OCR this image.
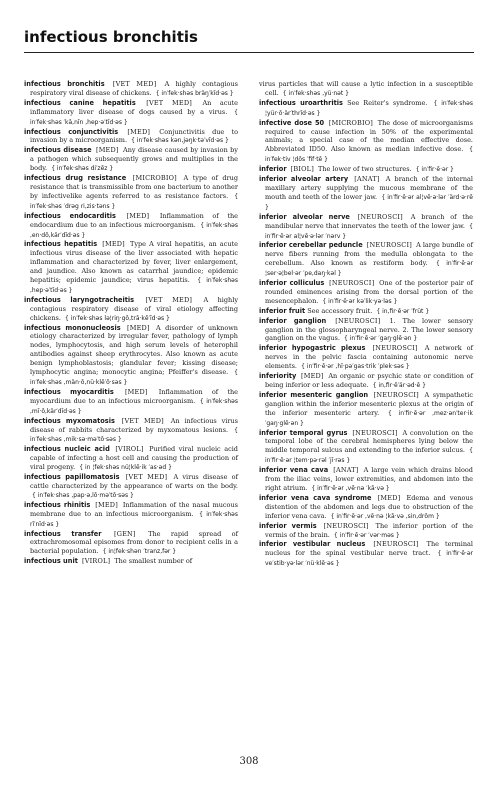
infectious bronchitis

infectious bronchitis [VET MED] A highly contagious respiratory viral disease of chickens. { in′fek·shəs bräŋ′kīd·əs }

infectious canine hepatitis [VET MED] An acute inflammatory liver disease of dogs caused by a virus. { in′fek·shəs ′kā,nīn ,hep·ə′tīd·əs }

infectious conjunctivitis [MED] Conjunctivitis due to invasion by a microorganism. { in′fek·shəs kən,jəŋk·tə′vīd·əs }

infectious disease [MED] Any disease caused by invasion by a pathogen which subsequently grows and multiplies in the body. { in′fek·shəs di′zēz }

infectious drug resistance [MICROBIO] A type of drug resistance that is transmissible from one bacterium to another by infectivelike agents referred to as resistance factors. { in′fek·shəs ′drəg ri,zis·təns }

infectious endocarditis [MED] Inflammation of the endocardium due to an infectious microorganism. { in′fek·shəs ,en·dō,kär′dīd·əs }

infectious hepatitis [MED] Type A viral hepatitis, an acute infectious virus disease of the liver associated with hepatic inflammation and characterized by fever, liver enlargement, and jaundice. Also known as catarrhal jaundice; epidemic hepatitis; epidemic jaundice; virus hepatitis. { in′fek·shəs ,hep·ə′tīd·əs }

infectious laryngotracheitis [VET MED] A highly contagious respiratory disease of viral etiology affecting chickens. { in′fek·shəs lə¦riŋ·gō,trā·kē′īd·əs }

infectious mononucleosis [MED] A disorder of unknown etiology characterized by irregular fever, pathology of lymph nodes, lymphocytosis, and high serum levels of heterophil antibodies against sheep erythrocytes. Also known as acute benign lymphoblastosis; glandular fever; kissing disease; lymphocytic angina; monocytic angina; Pfeiffer's disease. { in′fek·shəs ,män·ō,nü·klē′ō·səs }

infectious myocarditis [MED] Inflammation of the myocardium due to an infectious microorganism. { in′fek·shəs ,mī·ō,kär′dīd·əs }

infectious myxomatosis [VET MED] An infectious virus disease of rabbits characterized by myxomatous lesions. { in′fek·shəs ,mik·sə·mə′tō·səs }

infectious nucleic acid [VIROL] Purified viral nucleic acid capable of infecting a host cell and causing the production of viral progeny. { in ¦fek·shəs nü¦klē·ik ′as·əd }

infectious papillomatosis [VET MED] A virus disease of cattle characterized by the appearance of warts on the body. { in′fek·shəs ,pap·ə,lō·mə′tō·səs }

infectious rhinitis [MED] Inflammation of the nasal mucous membrane due to an infectious microorganism. { in′fek·shəs rī′nīd·əs }

infectious transfer [GEN] The rapid spread of extrachromosomal episomes from donor to recipient cells in a bacterial population. { in¦fek·shən ′tranz,fər }

infectious unit [VIROL] The smallest number of

virus particles that will cause a lytic infection in a susceptible cell. { in′fek·shəs ,yü·nət }

infectious uroarthritis See Reiter's syndrome. { in′fek·shəs ¦yür·ō·är′thrīd·əs }

infective dose 50 [MICROBIO] The dose of microorganisms required to cause infection in 50% of the experimental animals; a special case of the median effective dose. Abbreviated ID50. Also known as median infective dose. { in′fek·tiv ¦dōs ′fif·tē }

inferior [BIOL] The lower of two structures. { in′fir·ē·ər }

inferior alveolar artery [ANAT] A branch of the internal maxillary artery supplying the mucous membrane of the mouth and teeth of the lower jaw. { in′fir·ē·ər al¦vē·ə·lər ′ärd·ə·rē }

inferior alveolar nerve [NEUROSCI] A branch of the mandibular nerve that innervates the teeth of the lower jaw. { in′fir·ē·ər al¦vē·ə·lər ′nərv }

inferior cerebellar peduncle [NEUROSCI] A large bundle of nerve fibers running from the medulla oblongata to the cerebellum. Also known as restiform body. { in′fir·ē·ər ¦ser·ə¦bel·ər ′pe,daŋ·kəl }

inferior colliculus [NEUROSCI] One of the posterior pair of rounded eminences arising from the dorsal portion of the mesencephalon. { in′fir·ē·ər kə′lik·yə·ləs }

inferior fruit See accessory fruit. { in,fir·ē·ər ′früt }

inferior ganglion [NEUROSCI] 1. The lower sensory ganglion in the glossopharyngeal nerve. 2. The lower sensory ganglion on the vagus. { in′fir·ē·ər ′gaŋ·glē·ən }

inferior hypogastric plexus [NEUROSCI] A network of nerves in the pelvic fascia containing autonomic nerve elements. { in′fir·ē·ər ,hī·pə′gas·trik ′plek·səs }

inferiority [MED] An organic or psychic state or condition of being inferior or less adequate. { in,fir·ē′är·əd·ē }

inferior mesenteric ganglion [NEUROSCI] A sympathetic ganglion within the inferior mesenteric plexus at the origin of the inferior mesenteric artery. { in′fir·ē·ər ,mez·ən′ter·ik ′gaŋ·glē·ən }

inferior temporal gyrus [NEUROSCI] A convolution on the temporal lobe of the cerebral hemispheres lying below the middle temporal sulcus and extending to the inferior sulcus. { in′fir·ē·ər ¦tem·pə·rəl ′jī·rəs }

inferior vena cava [ANAT] A large vein which drains blood from the iliac veins, lower extremities, and abdomen into the right atrium. { in′fir·ē·ər ,vē·nə ′kā·və }

inferior vena cava syndrome [MED] Edema and venous distention of the abdomen and legs due to obstruction of the inferior vena cava. { in′fir·ē·ər ,vē·nə ¦kā·və ,sin,drōm }

inferior vermis [NEUROSCI] The inferior portion of the vermis of the brain. { in′fir·ē·ər ′vər·məs }

inferior vestibular nucleus [NEUROSCI] The terminal nucleus for the spinal vestibular nerve tract. { in′fir·ē·ər ve′stib·yə·lər ′nü·klē·əs }

308
